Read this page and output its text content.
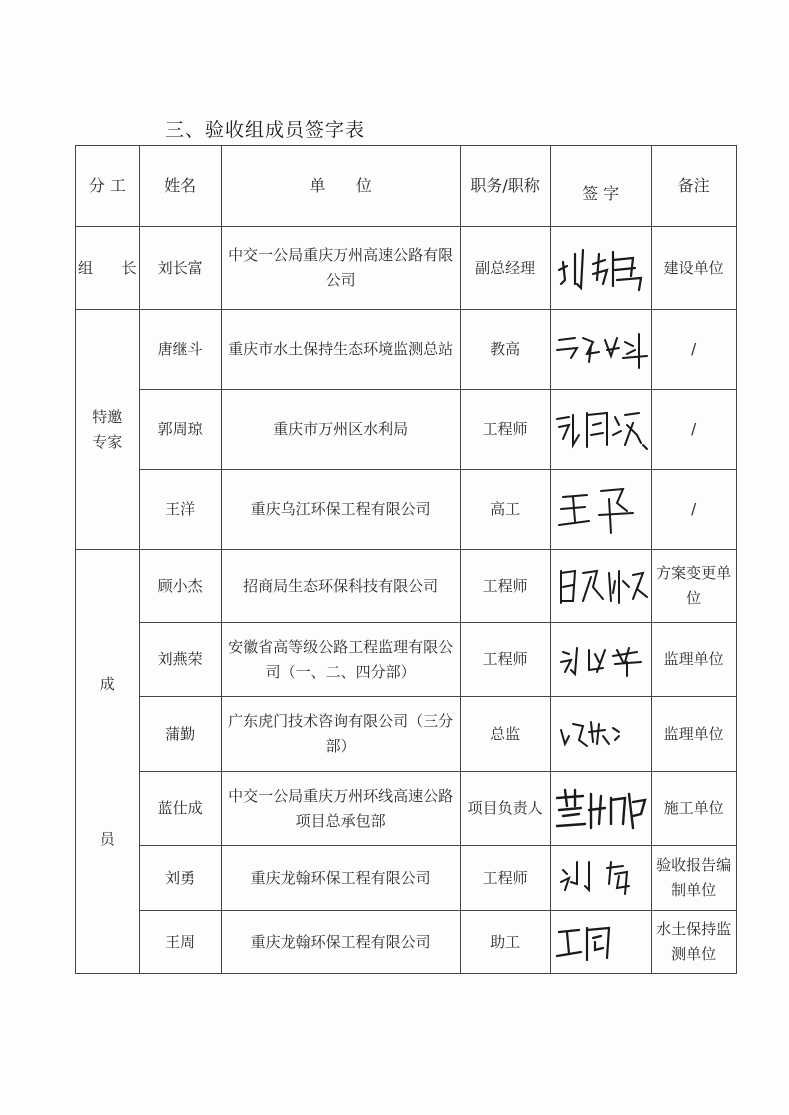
三、验收组成员签字表
分 工	姓名	单      位	职务/职称	签 字	备注
组      长	刘长富	中交一公局重庆万州高速公路有限公司	副总经理		建设单位

特邀
专家	唐继斗	重庆市水土保持生态环境监测总站	教高		/
	郭周琼	重庆市万州区水利局	工程师		/
	王洋	重庆乌江环保工程有限公司	高工		/

成
员	顾小杰	招商局生态环保科技有限公司	工程师		方案变更单位
	刘燕荣	安徽省高等级公路工程监理有限公司（一、二、四分部）	工程师		监理单位
	蒲勤	广东虎门技术咨询有限公司（三分部）	总监		监理单位
	蓝仕成	中交一公局重庆万州环线高速公路项目总承包部	项目负责人		施工单位
	刘勇	重庆龙翰环保工程有限公司	工程师		验收报告编制单位
	王周	重庆龙翰环保工程有限公司	助工		水土保持监测单位
